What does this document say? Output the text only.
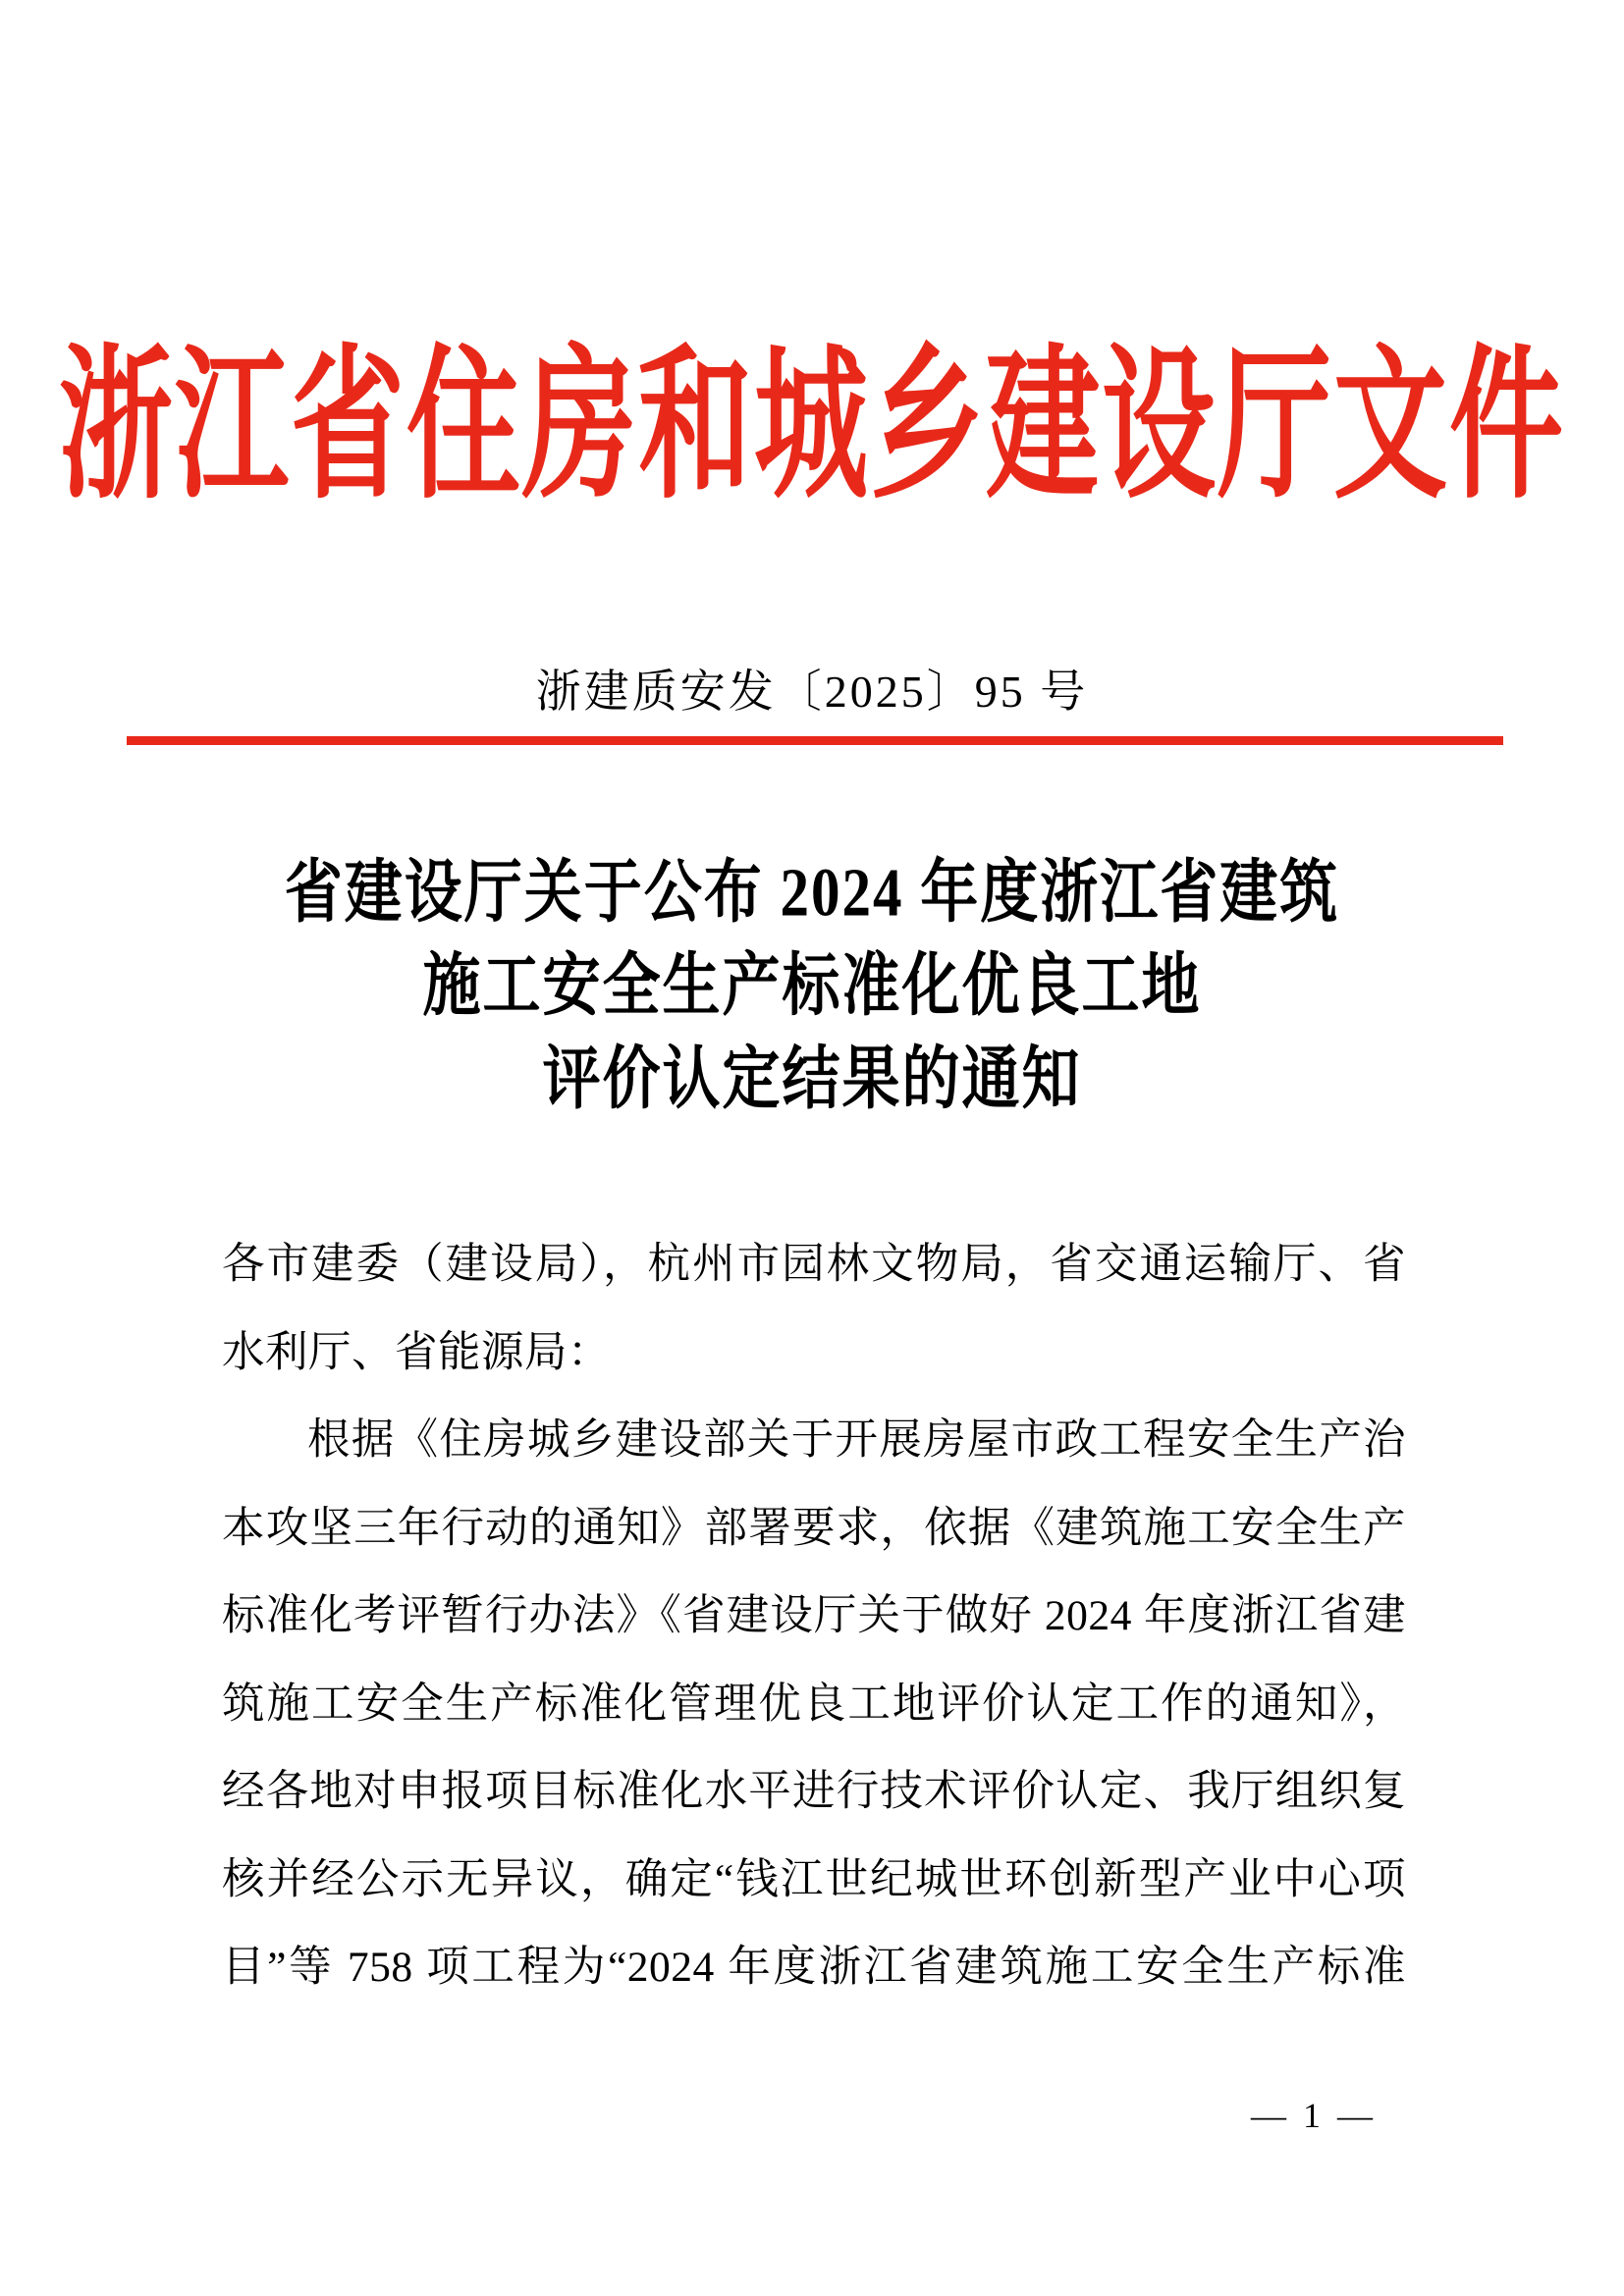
浙江省住房和城乡建设厅文件
浙建质安发〔2025〕95 号
省建设厅关于公布 2024 年度浙江省建筑
施工安全生产标准化优良工地
评价认定结果的通知
各市建委（建设局），杭州市园林文物局，省交通运输厅、省
水利厅、省能源局：
根据《住房城乡建设部关于开展房屋市政工程安全生产治
本攻坚三年行动的通知》部署要求，依据《建筑施工安全生产
标准化考评暂行办法》《省建设厅关于做好 2024 年度浙江省建
筑施工安全生产标准化管理优良工地评价认定工作的通知》，
经各地对申报项目标准化水平进行技术评价认定、我厅组织复
核并经公示无异议，确定“钱江世纪城世环创新型产业中心项
目”等 758 项工程为“2024 年度浙江省建筑施工安全生产标准
— 1 —
